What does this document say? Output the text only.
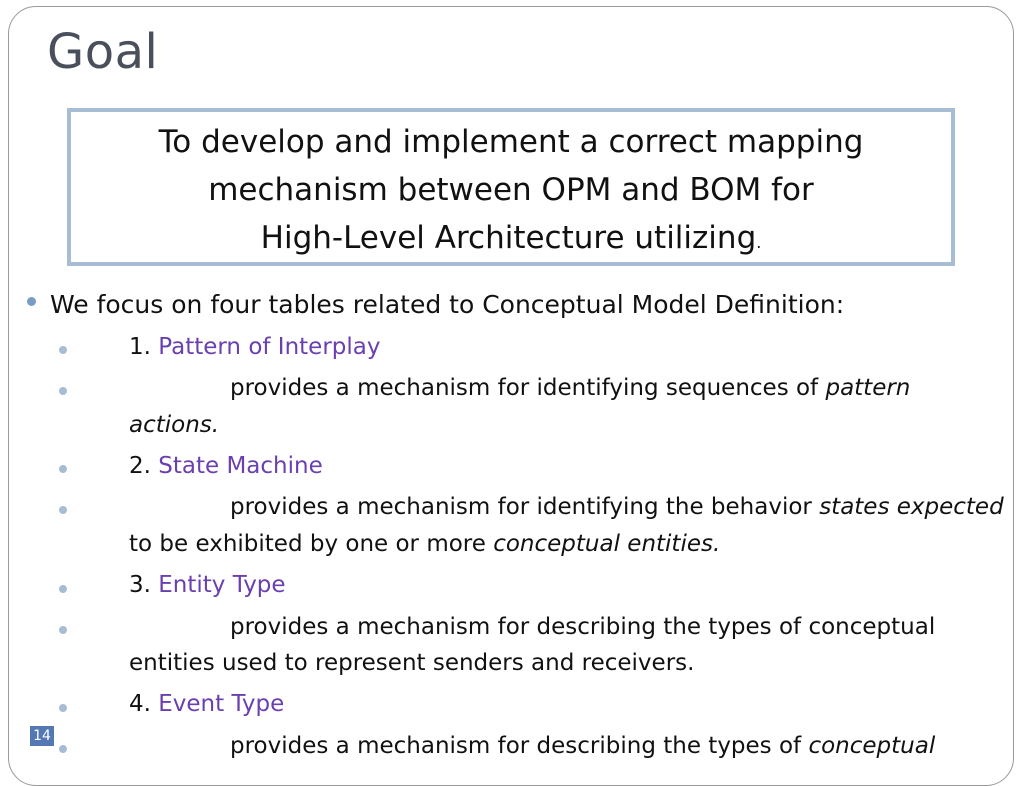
Goal
To develop and implement a correct mapping
mechanism between OPM and BOM for
High-Level Architecture utilizing.
We focus on four tables related to Conceptual Model Definition:
1. Pattern of Interplay
provides a mechanism for identifying sequences of pattern
actions.
2. State Machine
provides a mechanism for identifying the behavior states expected
to be exhibited by one or more conceptual entities.
3. Entity Type
provides a mechanism for describing the types of conceptual
entities used to represent senders and receivers.
4. Event Type
provides a mechanism for describing the types of conceptual
14
